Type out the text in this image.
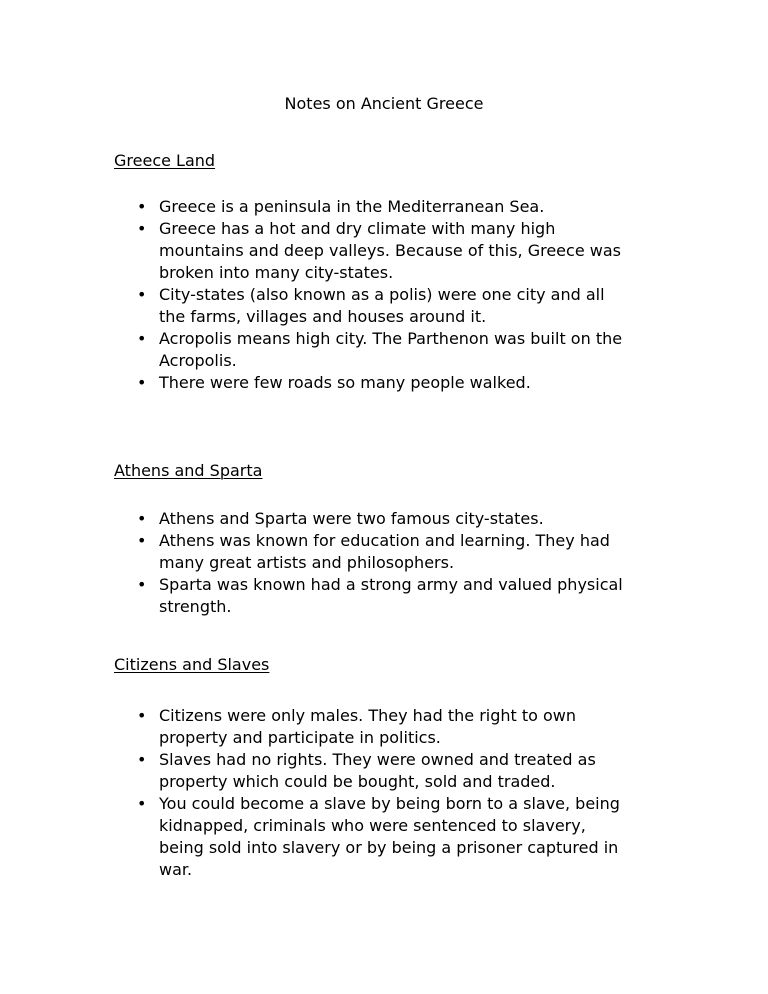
Notes on Ancient Greece
Greece Land
• Greece is a peninsula in the Mediterranean Sea.
• Greece has a hot and dry climate with many high mountains and deep valleys. Because of this, Greece was broken into many city-states.
• City-states (also known as a polis) were one city and all the farms, villages and houses around it.
• Acropolis means high city. The Parthenon was built on the Acropolis.
• There were few roads so many people walked.
Athens and Sparta
• Athens and Sparta were two famous city-states.
• Athens was known for education and learning. They had many great artists and philosophers.
• Sparta was known had a strong army and valued physical strength.
Citizens and Slaves
• Citizens were only males. They had the right to own property and participate in politics.
• Slaves had no rights. They were owned and treated as property which could be bought, sold and traded.
• You could become a slave by being born to a slave, being kidnapped, criminals who were sentenced to slavery, being sold into slavery or by being a prisoner captured in war.
